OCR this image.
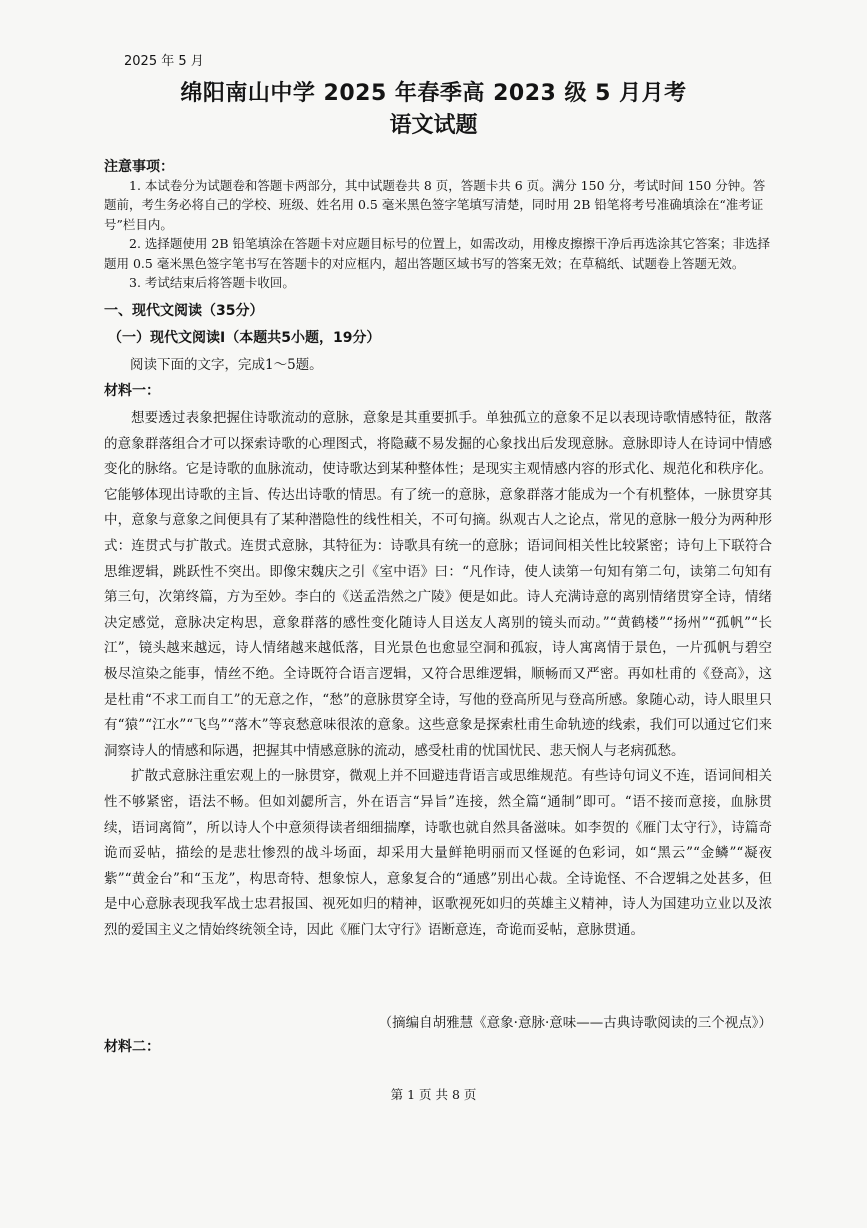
2025 年 5 月
绵阳南山中学 2025 年春季高 2023 级 5 月月考
语文试题
注意事项：

1. 本试卷分为试题卷和答题卡两部分，其中试题卷共 8 页，答题卡共 6 页。满分 150 分，考试时间 150 分钟。答题前，考生务必将自己的学校、班级、姓名用 0.5 毫米黑色签字笔填写清楚，同时用 2B 铅笔将考号准确填涂在“准考证号”栏目内。

2. 选择题使用 2B 铅笔填涂在答题卡对应题目标号的位置上，如需改动，用橡皮擦擦干净后再选涂其它答案；非选择题用 0.5 毫米黑色签字笔书写在答题卡的对应框内，超出答题区域书写的答案无效；在草稿纸、试题卷上答题无效。

3. 考试结束后将答题卡收回。

一、现代文阅读（35分）
（一）现代文阅读Ⅰ（本题共5小题，19分）
阅读下面的文字，完成1～5题。
材料一：

想要透过表象把握住诗歌流动的意脉，意象是其重要抓手。单独孤立的意象不足以表现诗歌情感特征，散落的意象群落组合才可以探索诗歌的心理图式，将隐藏不易发掘的心象找出后发现意脉。意脉即诗人在诗词中情感变化的脉络。它是诗歌的血脉流动，使诗歌达到某种整体性；是现实主观情感内容的形式化、规范化和秩序化。它能够体现出诗歌的主旨、传达出诗歌的情思。有了统一的意脉，意象群落才能成为一个有机整体，一脉贯穿其中，意象与意象之间便具有了某种潜隐性的线性相关，不可句摘。纵观古人之论点，常见的意脉一般分为两种形式：连贯式与扩散式。连贯式意脉，其特征为：诗歌具有统一的意脉；语词间相关性比较紧密；诗句上下联符合思维逻辑，跳跃性不突出。即像宋魏庆之引《室中语》曰：“凡作诗，使人读第一句知有第二句，读第二句知有第三句，次第终篇，方为至妙。李白的《送孟浩然之广陵》便是如此。诗人充满诗意的离别情绪贯穿全诗，情绪决定感觉，意脉决定构思，意象群落的感性变化随诗人目送友人离别的镜头而动。”“黄鹤楼”“扬州”“孤帆”“长江”，镜头越来越远，诗人情绪越来越低落，目光景色也愈显空洞和孤寂，诗人寓离情于景色，一片孤帆与碧空极尽渲染之能事，情丝不绝。全诗既符合语言逻辑，又符合思维逻辑，顺畅而又严密。再如杜甫的《登高》，这是杜甫“不求工而自工”的无意之作，“愁”的意脉贯穿全诗，写他的登高所见与登高所感。象随心动，诗人眼里只有“猿”“江水”“飞鸟”“落木”等哀愁意味很浓的意象。这些意象是探索杜甫生命轨迹的线索，我们可以通过它们来洞察诗人的情感和际遇，把握其中情感意脉的流动，感受杜甫的忧国忧民、悲天悯人与老病孤愁。

扩散式意脉注重宏观上的一脉贯穿，微观上并不回避违背语言或思维规范。有些诗句词义不连，语词间相关性不够紧密，语法不畅。但如刘勰所言，外在语言“异旨”连接，然全篇“通制”即可。“语不接而意接，血脉贯续，语词离简”，所以诗人个中意须得读者细细揣摩，诗歌也就自然具备滋味。如李贺的《雁门太守行》，诗篇奇诡而妥帖，描绘的是悲壮惨烈的战斗场面，却采用大量鲜艳明丽而又怪诞的色彩词，如“黑云”“金鳞”“凝夜紫”“黄金台”和“玉龙”，构思奇特、想象惊人，意象复合的“通感”别出心裁。全诗诡怪、不合逻辑之处甚多，但是中心意脉表现我军战士忠君报国、视死如归的精神，讴歌视死如归的英雄主义精神，诗人为国建功立业以及浓烈的爱国主义之情始终统领全诗，因此《雁门太守行》语断意连，奇诡而妥帖，意脉贯通。

（摘编自胡雅慧《意象·意脉·意味——古典诗歌阅读的三个视点》）
材料二：
第 1 页 共 8 页
